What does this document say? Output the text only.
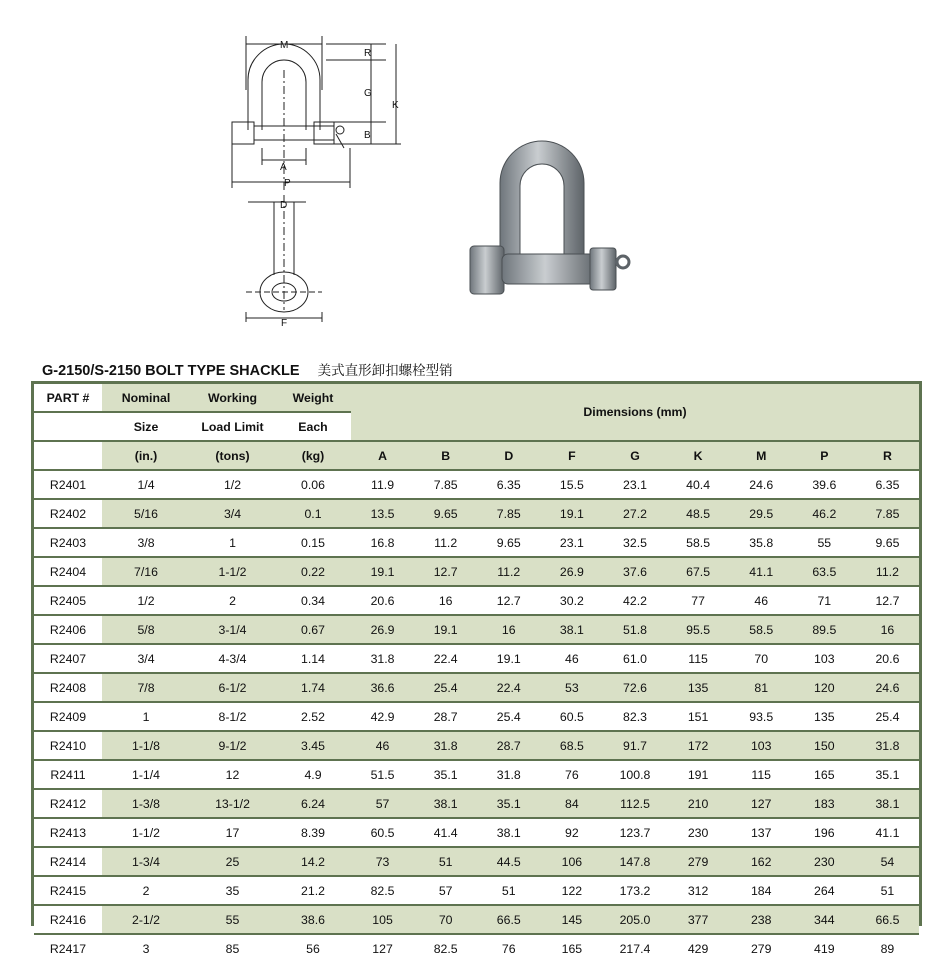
M
R
G
B
K
A
P
D
F
G-2150/S-2150 BOLT TYPE SHACKLE 美式直形卸扣螺栓型销
PART #	Nominal	Working	Weight	Dimensions (mm)								
	Size	Load Limit	Each									
	(in.)	(tons)	(kg)	A	B	D	F	G	K	M	P	R
R2401	1/4	1/2	0.06	11.9	7.85	6.35	15.5	23.1	40.4	24.6	39.6	6.35
R2402	5/16	3/4	0.1	13.5	9.65	7.85	19.1	27.2	48.5	29.5	46.2	7.85
R2403	3/8	1	0.15	16.8	11.2	9.65	23.1	32.5	58.5	35.8	55	9.65
R2404	7/16	1-1/2	0.22	19.1	12.7	11.2	26.9	37.6	67.5	41.1	63.5	11.2
R2405	1/2	2	0.34	20.6	16	12.7	30.2	42.2	77	46	71	12.7
R2406	5/8	3-1/4	0.67	26.9	19.1	16	38.1	51.8	95.5	58.5	89.5	16
R2407	3/4	4-3/4	1.14	31.8	22.4	19.1	46	61.0	115	70	103	20.6
R2408	7/8	6-1/2	1.74	36.6	25.4	22.4	53	72.6	135	81	120	24.6
R2409	1	8-1/2	2.52	42.9	28.7	25.4	60.5	82.3	151	93.5	135	25.4
R2410	1-1/8	9-1/2	3.45	46	31.8	28.7	68.5	91.7	172	103	150	31.8
R2411	1-1/4	12	4.9	51.5	35.1	31.8	76	100.8	191	115	165	35.1
R2412	1-3/8	13-1/2	6.24	57	38.1	35.1	84	112.5	210	127	183	38.1
R2413	1-1/2	17	8.39	60.5	41.4	38.1	92	123.7	230	137	196	41.1
R2414	1-3/4	25	14.2	73	51	44.5	106	147.8	279	162	230	54
R2415	2	35	21.2	82.5	57	51	122	173.2	312	184	264	51
R2416	2-1/2	55	38.6	105	70	66.5	145	205.0	377	238	344	66.5
R2417	3	85	56	127	82.5	76	165	217.4	429	279	419	89
